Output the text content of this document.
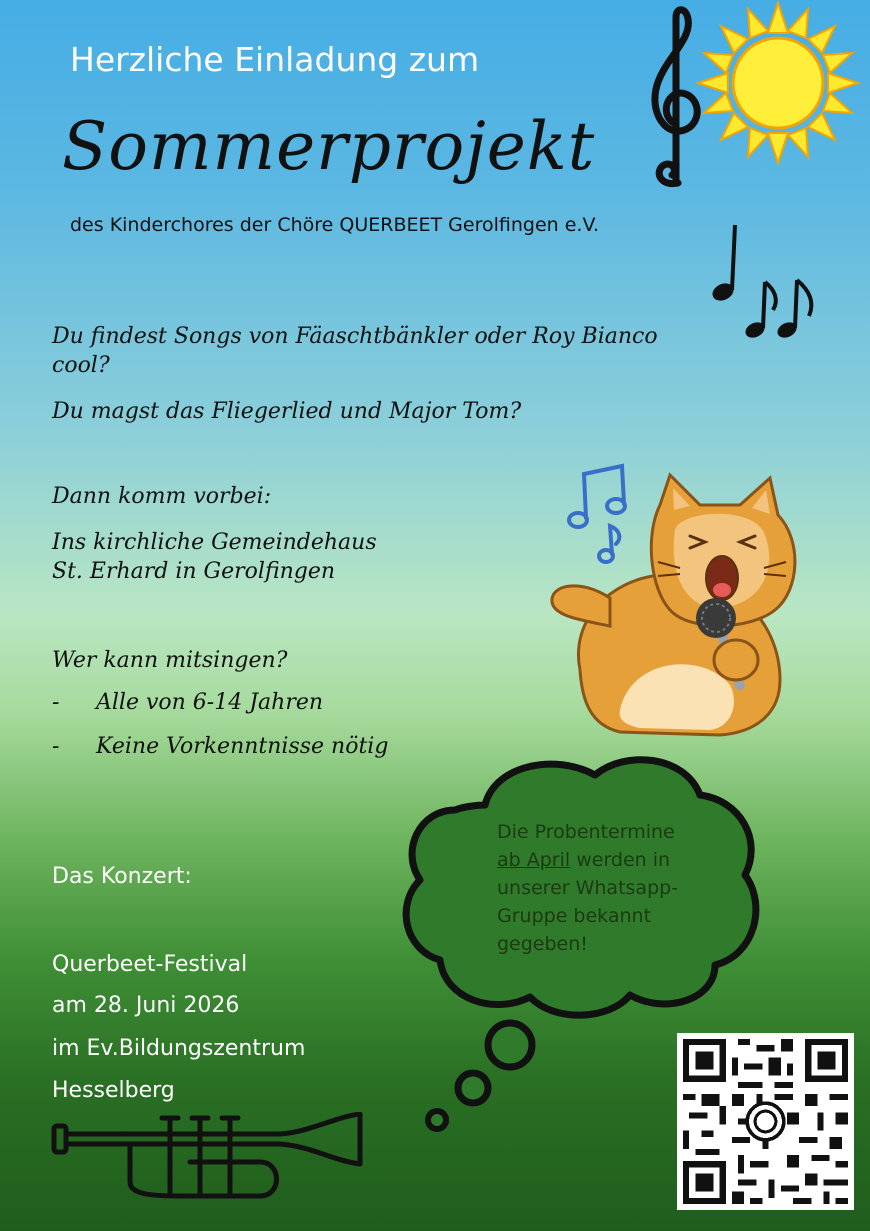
Herzliche Einladung zum
Sommerprojekt
des Kinderchores der Chöre QUERBEET Gerolfingen e.V.
Du findest Songs von Fäaschtbänkler oder Roy Bianco cool?
Du magst das Fliegerlied und Major Tom?
Dann komm vorbei:
Ins kirchliche Gemeindehaus
St. Erhard in Gerolfingen
Wer kann mitsingen?
- Alle von 6-14 Jahren
- Keine Vorkenntnisse nötig
Die Probentermine
ab April werden in
unserer Whatsapp-
Gruppe bekannt
gegeben!
Das Konzert:
Querbeet-Festival
am 28. Juni 2026
im Ev.Bildungszentrum
Hesselberg
